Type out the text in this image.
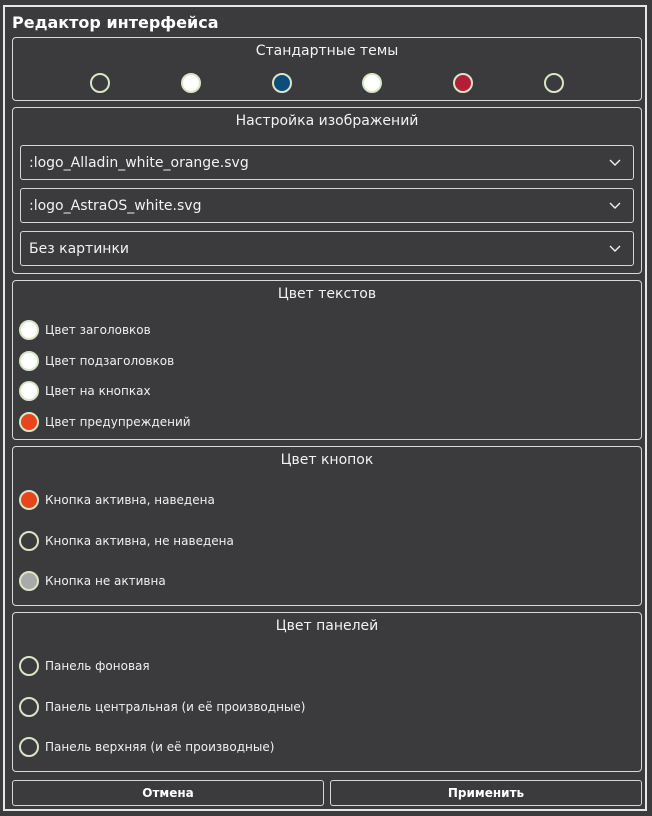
Редактор интерфейса
Стандартные темы
Настройка изображений
:logo_Alladin_white_orange.svg
:logo_AstraOS_white.svg
Без картинки
Цвет текстов
Цвет заголовков
Цвет подзаголовков
Цвет на кнопках
Цвет предупреждений
Цвет кнопок
Кнопка активна, наведена
Кнопка активна, не наведена
Кнопка не активна
Цвет панелей
Панель фоновая
Панель центральная (и её производные)
Панель верхняя (и её производные)
Отмена	Применить
